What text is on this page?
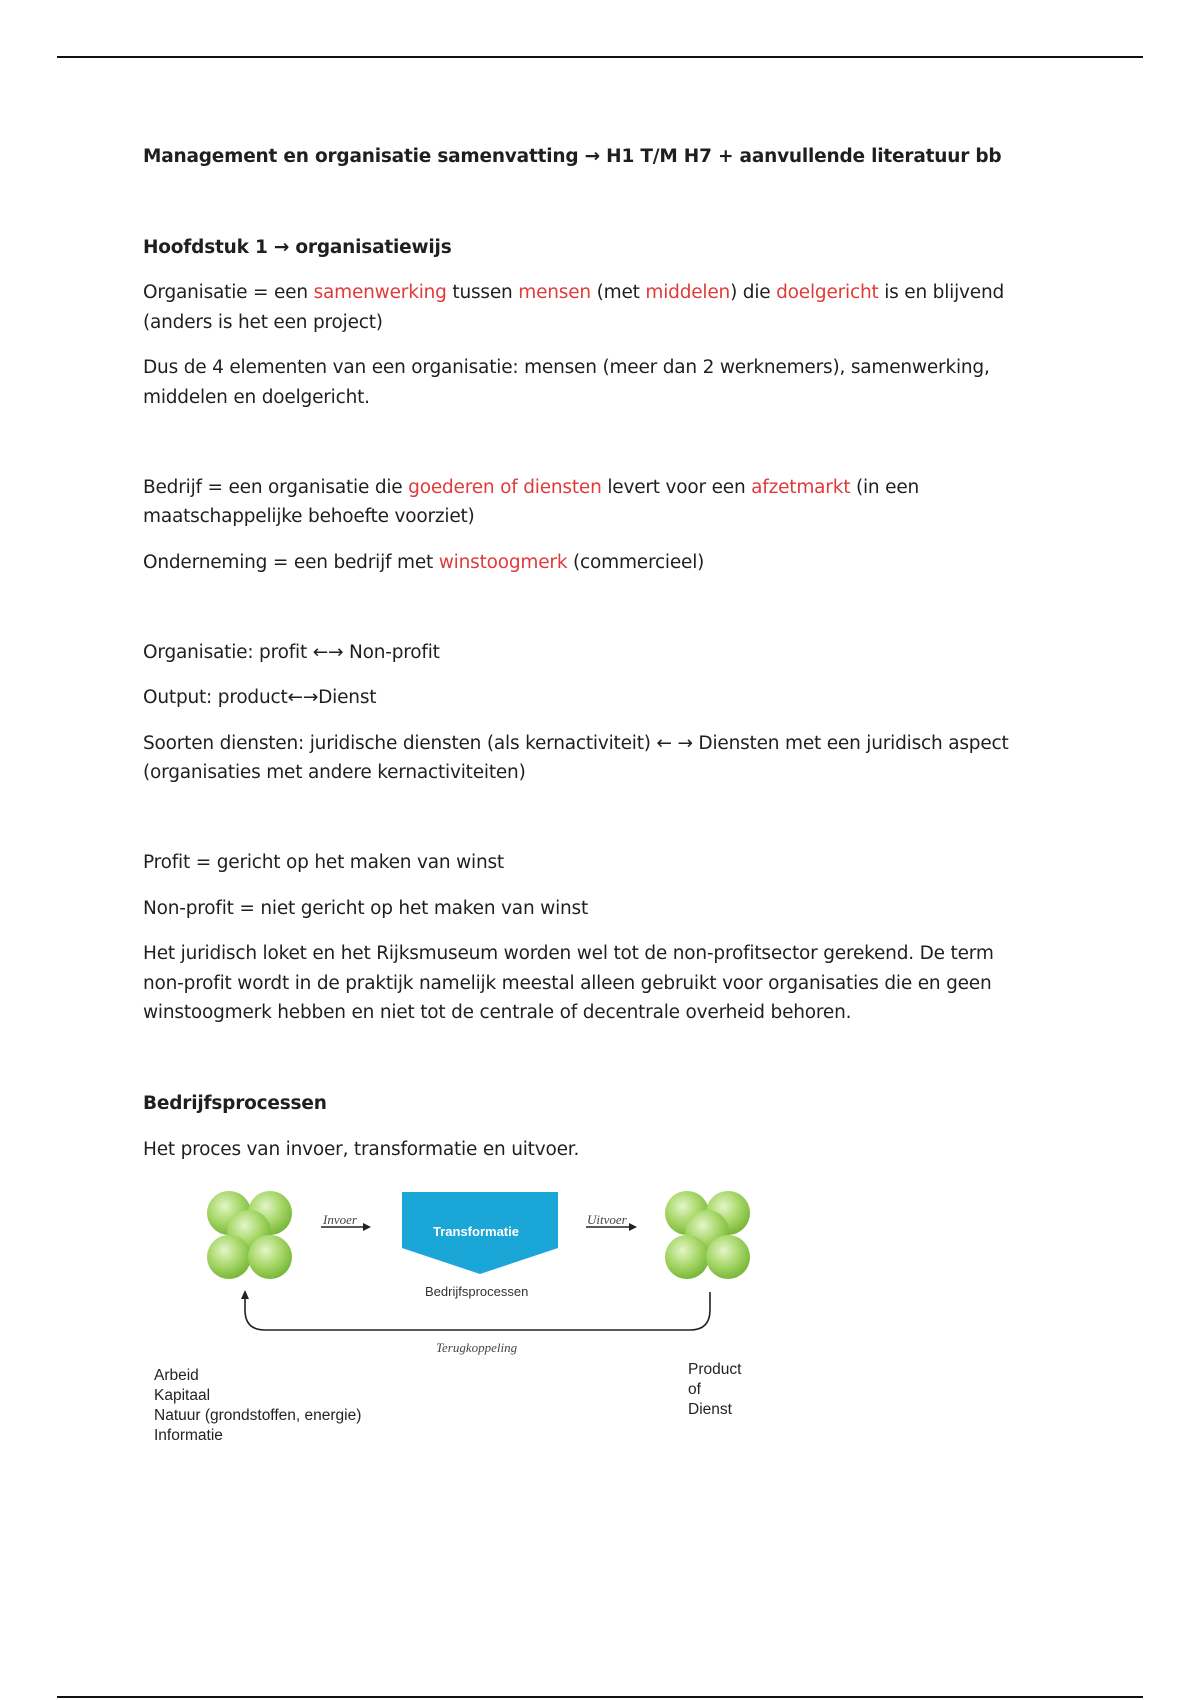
Management en organisatie samenvatting → H1 T/M H7 + aanvullende literatuur bb
Hoofdstuk 1 → organisatiewijs
Organisatie = een samenwerking tussen mensen (met middelen) die doelgericht is en blijvend
(anders is het een project)
Dus de 4 elementen van een organisatie: mensen (meer dan 2 werknemers), samenwerking,
middelen en doelgericht.
Bedrijf = een organisatie die goederen of diensten levert voor een afzetmarkt (in een
maatschappelijke behoefte voorziet)
Onderneming = een bedrijf met winstoogmerk (commercieel)
Organisatie: profit ←→ Non-profit
Output: product←→Dienst
Soorten diensten: juridische diensten (als kernactiviteit) ← → Diensten met een juridisch aspect
(organisaties met andere kernactiviteiten)
Profit = gericht op het maken van winst
Non-profit = niet gericht op het maken van winst
Het juridisch loket en het Rijksmuseum worden wel tot de non-profitsector gerekend. De term
non-profit wordt in de praktijk namelijk meestal alleen gebruikt voor organisaties die en geen
winstoogmerk hebben en niet tot de centrale of decentrale overheid behoren.
Bedrijfsprocessen
Het proces van invoer, transformatie en uitvoer.
Invoer
Transformatie
Uitvoer
Bedrijfsprocessen
Terugkoppeling
Arbeid
Kapitaal
Natuur (grondstoffen, energie)
Informatie
Product
of
Dienst
